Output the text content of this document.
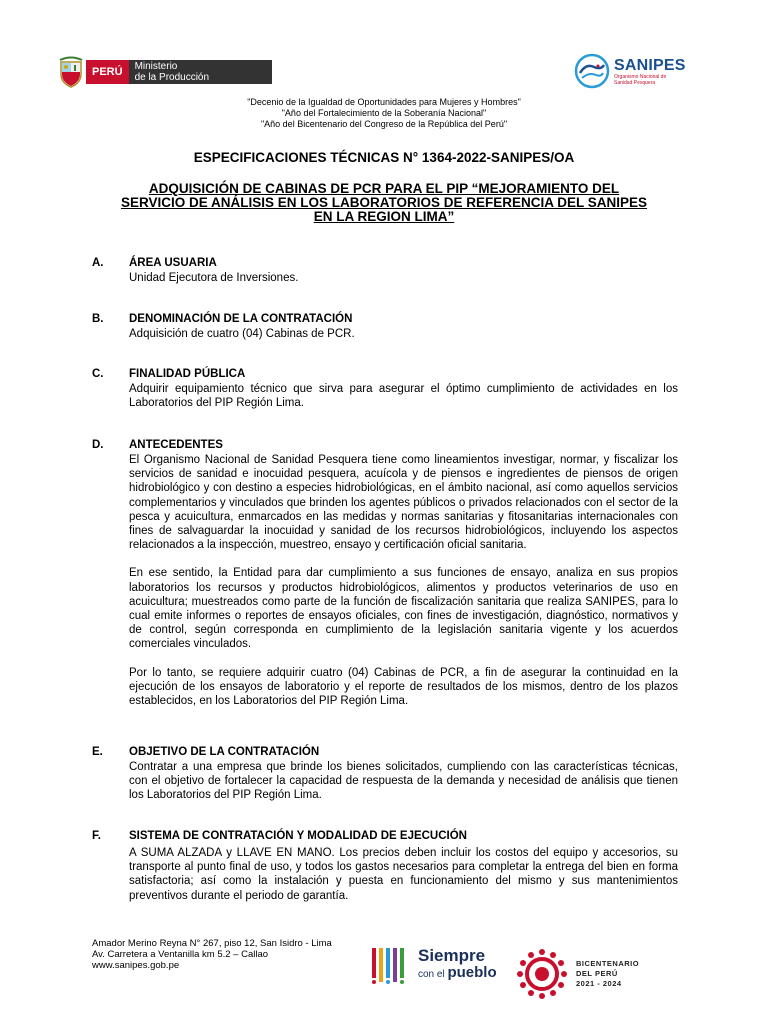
PERÚ	Ministerio
de la Producción
SANIPES
Organismo Nacional de
Sanidad Pesquera
"Decenio de la Igualdad de Oportunidades para Mujeres y Hombres"
"Año del Fortalecimiento de la Soberanía Nacional"
"Año del Bicentenario del Congreso de la República del Perú"
ESPECIFICACIONES TÉCNICAS N° 1364-2022-SANIPES/OA
ADQUISICIÓN DE CABINAS DE PCR PARA EL PIP “MEJORAMIENTO DEL SERVICIO DE ANÁLISIS EN LOS LABORATORIOS DE REFERENCIA DEL SANIPES EN LA REGION LIMA”
A. ÁREA USUARIA

Unidad Ejecutora de Inversiones.

B. DENOMINACIÓN DE LA CONTRATACIÓN

Adquisición de cuatro (04) Cabinas de PCR.

C. FINALIDAD PÚBLICA

Adquirir equipamiento técnico que sirva para asegurar el óptimo cumplimiento de actividades en los Laboratorios del PIP Región Lima.

D. ANTECEDENTES

El Organismo Nacional de Sanidad Pesquera tiene como lineamientos investigar, normar, y fiscalizar los servicios de sanidad e inocuidad pesquera, acuícola y de piensos e ingredientes de piensos de origen hidrobiológico y con destino a especies hidrobiológicas, en el ámbito nacional, así como aquellos servicios complementarios y vinculados que brinden los agentes públicos o privados relacionados con el sector de la pesca y acuicultura, enmarcados en las medidas y normas sanitarias y fitosanitarias internacionales con fines de salvaguardar la inocuidad y sanidad de los recursos hidrobiológicos, incluyendo los aspectos relacionados a la inspección, muestreo, ensayo y certificación oficial sanitaria.

En ese sentido, la Entidad para dar cumplimiento a sus funciones de ensayo, analiza en sus propios laboratorios los recursos y productos hidrobiológicos, alimentos y productos veterinarios de uso en acuicultura; muestreados como parte de la función de fiscalización sanitaria que realiza SANIPES, para lo cual emite informes o reportes de ensayos oficiales, con fines de investigación, diagnóstico, normativos y de control, según corresponda en cumplimiento de la legislación sanitaria vigente y los acuerdos comerciales vinculados.

Por lo tanto, se requiere adquirir cuatro (04) Cabinas de PCR, a fin de asegurar la continuidad en la ejecución de los ensayos de laboratorio y el reporte de resultados de los mismos, dentro de los plazos establecidos, en los Laboratorios del PIP Región Lima.

E. OBJETIVO DE LA CONTRATACIÓN

Contratar a una empresa que brinde los bienes solicitados, cumpliendo con las características técnicas, con el objetivo de fortalecer la capacidad de respuesta de la demanda y necesidad de análisis que tienen los Laboratorios del PIP Región Lima.

F. SISTEMA DE CONTRATACIÓN Y MODALIDAD DE EJECUCIÓN

A SUMA ALZADA y LLAVE EN MANO. Los precios deben incluir los costos del equipo y accesorios, su transporte al punto final de uso, y todos los gastos necesarios para completar la entrega del bien en forma satisfactoria; así como la instalación y puesta en funcionamiento del mismo y sus mantenimientos preventivos durante el periodo de garantía.

Amador Merino Reyna N° 267, piso 12, San Isidro - Lima
Av. Carretera a Ventanilla km 5.2 – Callao
www.sanipes.gob.pe
Siempre
con el pueblo
BICENTENARIO
DEL PERÚ
2021 - 2024
